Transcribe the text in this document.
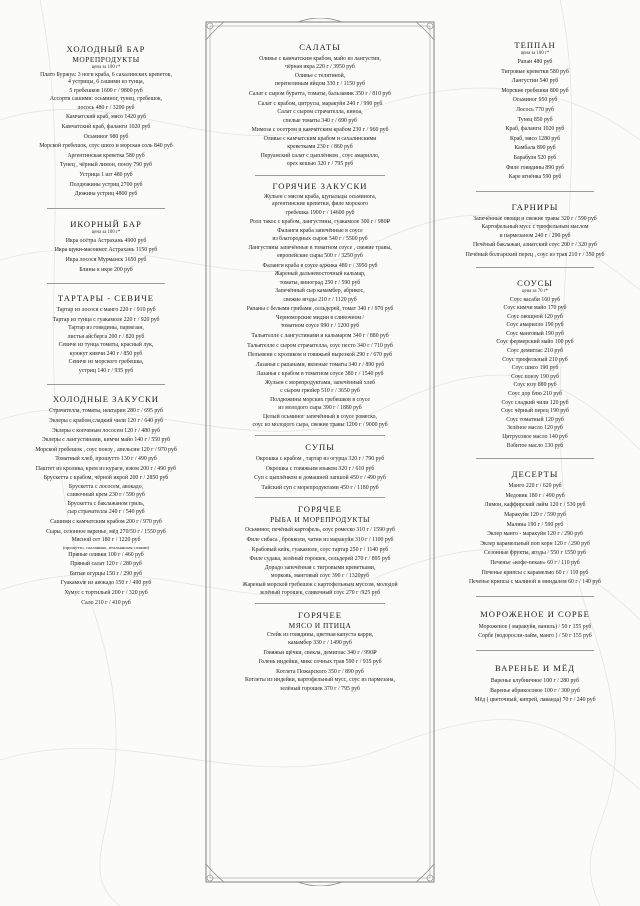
ХОЛОДНЫЙ БАР
МОРЕПРОДУКТЫ
цена за 100 г*

Плато Буржуа: 3 ноги краба, 6 сахалинских креветок,

4 устрицы, 6 сашими из тунца,

5 гребешков 1600 г / 9800 руб

Ассорти сашими: осьминог, тунец, гребешок,

лосось 480 г / 3200 руб

Камчатский краб, мясо 1420 руб

Камчатский краб, фаланги 1020 руб

Осьминог 980 руб

Морской гребешок, соус шисо и морская соль 840 руб

Аргентинская креветка 580 руб

Тунец , чёрный лимон, понзу 790 руб

Устрица 1 шт 480 руб

Полдюжины устриц 2700 руб

Дюжина устриц 4800 руб

ИКОРНЫЙ БАР
цена за 100 г*

Икра осётра Астрахань 4900 руб

Икра щуки-масоинот Астрахань 1150 руб

Икра лосося Мурманск 1650 руб

Блины к икре 200 руб

ТАРТАРЫ - СЕВИЧЕ

Тартар из лосося с манго 220 г / 910 руб

Тартар из тунца с гуакамоле 220 г / 920 руб

Тартар из говядины, пармезан,

листья айсберга 200 г / 820 руб

Севиче из тунца томаты, красный лук,

кунжут кимчи 240 г / 850 руб

Севиче из морского гребешка,

устриц 140 г / 935 руб

ХОЛОДНЫЕ ЗАКУСКИ

Страчателла, томаты, нектарин 280 г / 695 руб

Эклеры с крабом,сладкий чили 120 г / 640 руб

Эклеры с копченым лососем 120 г / 480 руб

Эклеры с лангустинами, кимчи майо 140 г / 550 руб

Морской гребешок , соус понзу , апельсин 120 г / 970 руб

Томатный хлеб, прошутто 130 г / 490 руб

Паштет из кролика, крем из кураги, изюм 200 г / 490 руб

Брускетта с крабом, чёрной икрой 200 г / 2850 руб

Брускетта с лососем, авокадо,

сливочный крем 230 г / 590 руб

Брускетта с баклажаном гриль,

сыр страчателла 240 г / 540 руб

Сашими с камчатским крабом 200 г / 970 руб

Сыры, сезонное варенье, мёд 270/50 г / 1550 руб

Мясной сет 180 г / 1220 руб

(прошутто, салланино, итальянская салями)

Пряные оливки 100 г / 460 руб

Пряный салат 120 г / 280 руб

Битые огурцы 150 г / 290 руб

Гуакамоле из авокадо 150 г / 490 руб

Хумус с тортильей 200 г / 320 руб

Сало 210 г / 410 руб

САЛАТЫ

Оливье с камчатским крабом, майо из лангустин,

чёрная икра 220 г / 3950 руб

Оливье с телятиной,

перепелиным яйцом 330 г / 1150 руб

Салат с сыром буратта, томаты, бальзамик 350 г / 810 руб

Салат с крабом, цитрусы, маракуйя 240 г / 990 руб

Салат с сыром страчателла, киноа,

спелые томаты 340 г / 690 руб

Мимоза с осетром и камчатским крабом 230 г / 960 руб

Оливье с камчатским крабом и сахалинскими

креветками 230 г / 860 руб

Перуанский салат с цыплёнком , соус амарилло,

орех кешью 320 г / 795 руб

ГОРЯЧИЕ ЗАКУСКИ

Жульен с мясом краба, щупальцы осьминога,

аргентинские креветки, филе морского

гребешка 1900 г / 14600 руб

Ролл такос с крабом, лангустины, гуакамоле 300 г / 980₽

Фаланги краба запечённые в соусе

из благородных сыров 540 г / 5500 руб

Лангустины запечённые в томатном соусе , свежие травы,

европейские сыры 500 г / 3250 руб

Фаланги краба в соусе аджика 480 г / 3950 руб

Жареный дальневосточный кальмар,

томаты, виноград 250 г / 590 руб

Запечённый сыр камамбер, абрикос,

свежие ягоды 210 г / 1120 руб

Рапаны с белыми грибами ,сельдерей, томат 340 г / 970 руб

Черноморские мидии в сливочном /

томатном соусе 990 г / 1200 руб

Тальятелле с лангустинами и кальмаром 340 г / 880 руб

Тальятелле с сыром страчателла, соус песто 340 г / 710 руб

Пельмени с кроликом и говяжьей вырезкой 290 г / 670 руб

Лазанья с рапанами, вяленые томаты 340 г / 890 руб

Лазанья с крабом в томатном соусе 380 г / 1540 руб

Жульен с морепродуктами, запечённый хлеб

с сыром грюйер 510 г / 3650 руб

Полдюжины морских гребешков в соусе

из молодого сыра 390 г / 1880 руб

Целый осьминог запечённый в соусе ромеско,

соус из молодого сыра, свежие травы 1200 г / 9000 руб

СУПЫ

Окрошка с крабом , тартар из огурца 320 г / 790 руб

Окрошка с говяжьим языком 320 г / 610 руб

Суп с цыплёнком и домашней лапшой 450 г / 490 руб

Тайский суп с морепродуктами 450 г / 1180 руб

ГОРЯЧЕЕ
РЫБА И МОРЕПРОДУКТЫ

Осьминог, печёный картофель, соус ромеско 310 г / 1590 руб

Филе сибаса , брокколи, чатни из маракуйи 310 г / 1100 руб

Крабовый кейк, гуакамоле, соус тартар 250 г / 1140 руб

Филе судака, зелёный горошек, сельдерей 270 г / 895 руб

Дорадо запечённая с тигровыми креветками,

морковь, манговый соус 390 г / 1320руб

Жареный морской гребешок с картофельным муссом, молодой

зелёный горошек, сливочный соус 270 г /925 руб

ГОРЯЧЕЕ
МЯСО И ПТИЦА

Стейк из говядины, цветная капуста карри,

камамбер 330 г / 1490 руб

Говяжьи щёчки, свекла, демиглас 340 г / 990₽

Голень индейки, микс сочных трав 590 г / 935 руб

Котлета Пожарского 350 г / 890 руб

Котлеты из индейки, картофельный мусс, соус из пармезана,

зелёный горошек 370 г / 795 руб

ТЕППАН
цена за 100 г*

Рапан 480 руб

Тигровые креветки 580 руб

Лангустин 540 руб

Морские гребешки 800 руб

Осьминог 950 руб

Лосось 770 руб

Тунец 850 руб

Краб, фаланги 1020 руб

Краб, мясо 1280 руб

Камбала 890 руб

Барабуля 520 руб

Филе говядины 890 руб

Каре ягнёнка 590 руб

ГАРНИРЫ

Запечённые овощи и свежие травы 320 г / 590 руб

Картофельный мусс с трюфельным маслом

и пармезаном 240 г / 290 руб

Печёный баклажан, азиатский соус 200 г / 320 руб

Печёный болгарский перец , соус из трав 210 г / 350 руб

СОУСЫ
цена за 70 г*

Соус васаби 160 руб

Соус кимчи майо 170 руб

Соус овощной 120 руб

Соус амарилло 190 руб

Соус манговый 190 руб

Соус фермерский майо 100 руб

Соус демиглас 210 руб

Соус трюфельный 210 руб

Соус шисо 190 руб

Соус понзу 190 руб

Соус юзу 880 руб

Соус дор блю 210 руб

Соус сладкий чили 120 руб

Соус чёрный перец 190 руб

Соус томатный 120 руб

Зелёное масло 120 руб

Цитрусовое масло 140 руб

Взбитое масло 130 руб

ДЕСЕРТЫ

Манго 220 г / 620 руб

Медовик 180 г / 490 руб

Лимон, каффирский лайм 120 г / 530 руб

Маракуйя 120 г / 590 руб

Малина 190 г / 590 руб

Эклер манго - маракуйя 120 г / 290 руб

Эклер карамельный поп корн 120 г / 290 руб

Сезонные фрукты, ягоды / 550 г 1550 руб

Печенье «кофе-пекан» 60 г / 110 руб

Печенье крипсы с карамелью 60 г / 110 руб

Печенье крипсы с малиной и миндалем 60 г / 140 руб

МОРОЖЕНОЕ И СОРБЕ

Мороженое ( маракуйя, ваниль) / 50 г 155 руб

Сорбе (водоросли-лайм, манго ) / 50 г 155 руб

ВАРЕНЬЕ И МЁД

Варенье клубничное 100 г / 280 руб

Варенье абрикосовое 100 г / 300 руб

Мёд ( цветочный, кипрей, лаванда) 70 г / 240 руб
